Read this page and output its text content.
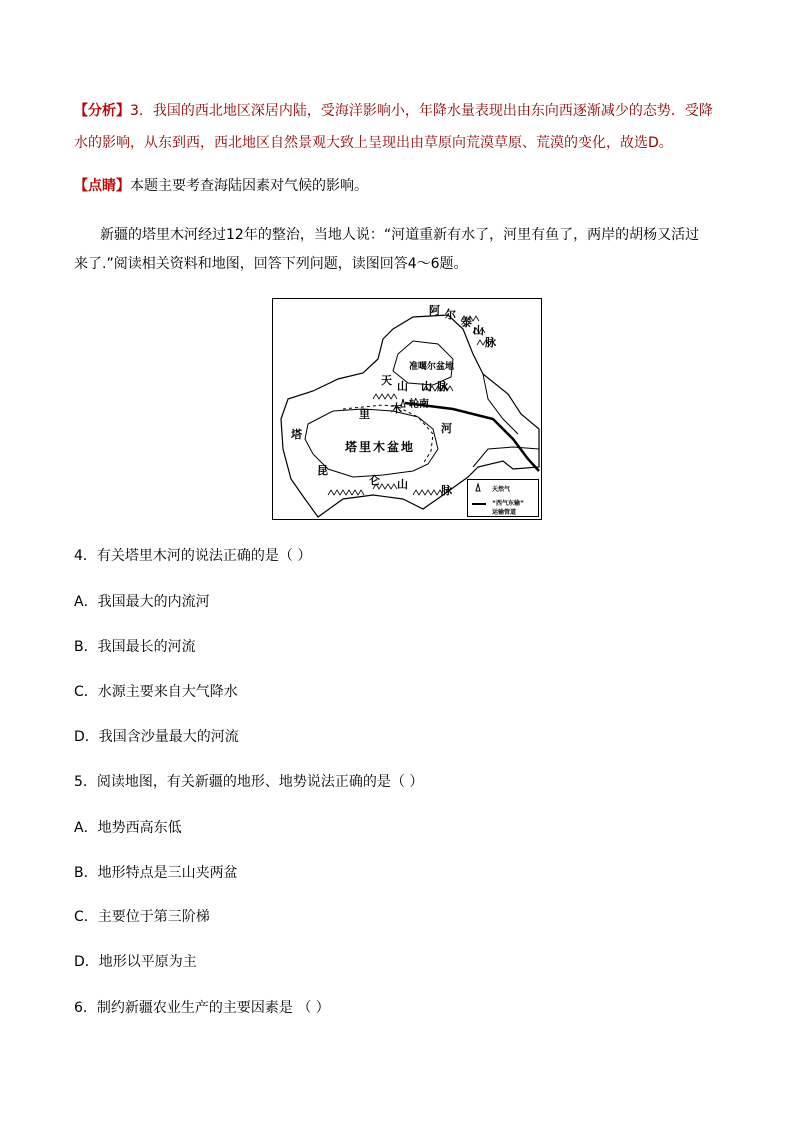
【分析】3．我国的西北地区深居内陆，受海洋影响小，年降水量表现出由东向西逐渐减少的态势．受降
水的影响，从东到西，西北地区自然景观大致上呈现出由草原向荒漠草原、荒漠的变化，故选D。
【点睛】本题主要考查海陆因素对气候的影响。
新疆的塔里木河经过12年的整治，当地人说：“河道重新有水了，河里有鱼了，两岸的胡杨又活过
来了.”阅读相关资料和地图，回答下列问题，读图回答4～6题。
阿 尔
泰
山
脉
准噶尔盆地
天 山 山 脉
轮南
塔
里 木
河
塔里木盆地
昆
仑 山	脉	天然气
“西气东输”
运输管道
4．有关塔里木河的说法正确的是（ ）
A．我国最大的内流河
B．我国最长的河流
C．水源主要来自大气降水
D．我国含沙量最大的河流
5．阅读地图，有关新疆的地形、地势说法正确的是（ ）
A．地势西高东低
B．地形特点是三山夹两盆
C．主要位于第三阶梯
D．地形以平原为主
6．制约新疆农业生产的主要因素是 （ ）
